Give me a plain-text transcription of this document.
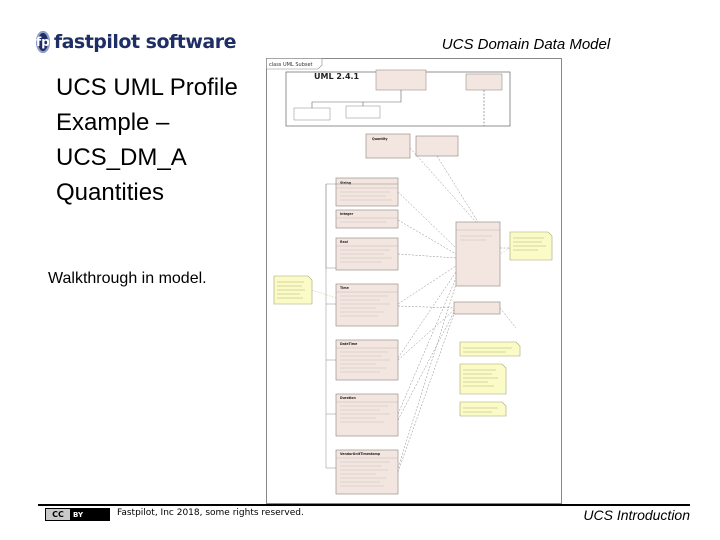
fp fastpilot software	UCS Domain Data Model
UCS UML Profile
Example –
UCS_DM_A
Quantities
Walkthrough in model.
class UML Subset
UML 2.4.1
Quantity
String
Integer
Real
Time
DateTime
Duration
VendorUnitTimestamp
CC	BY	Fastpilot, Inc 2018, some rights reserved.	UCS Introduction
